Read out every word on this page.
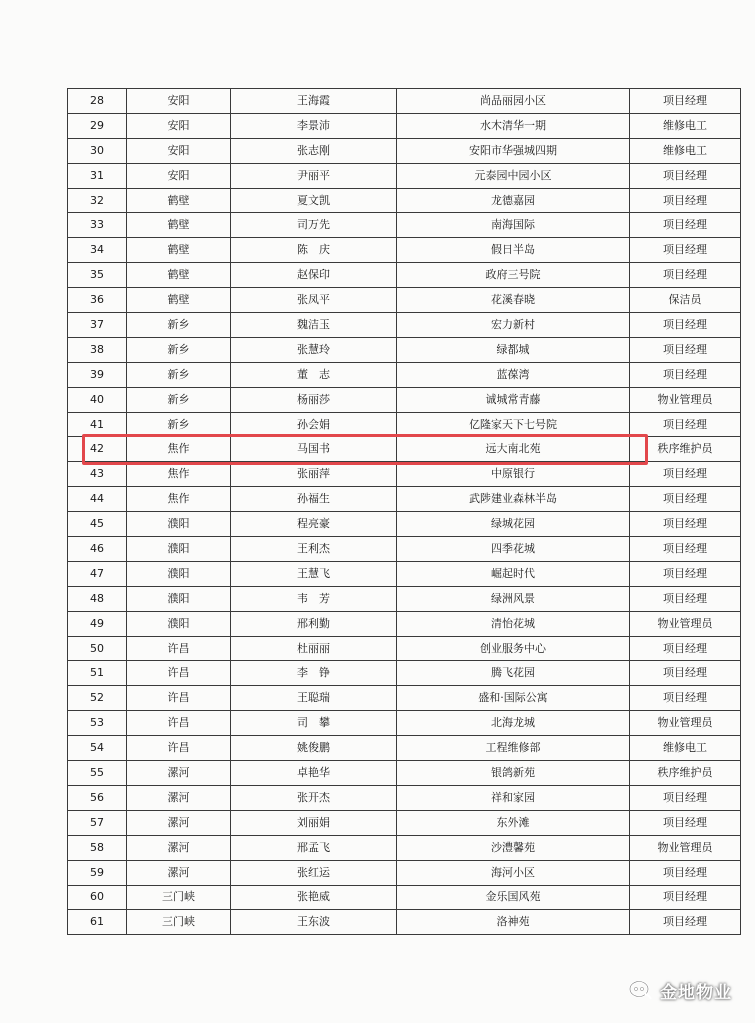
28	安阳	王海霞	尚品丽园小区	项目经理
29	安阳	李景沛	水木清华一期	维修电工
30	安阳	张志刚	安阳市华强城四期	维修电工
31	安阳	尹丽平	元泰园中园小区	项目经理
32	鹤壁	夏文凯	龙德嘉园	项目经理
33	鹤壁	司万先	南海国际	项目经理
34	鹤壁	陈　庆	假日半岛	项目经理
35	鹤壁	赵保印	政府三号院	项目经理
36	鹤壁	张凤平	花溪春晓	保洁员
37	新乡	魏洁玉	宏力新村	项目经理
38	新乡	张慧玲	绿都城	项目经理
39	新乡	董　志	蓝葆湾	项目经理
40	新乡	杨丽莎	诚城常青藤	物业管理员
41	新乡	孙会娟	亿隆家天下七号院	项目经理
42	焦作	马国书	远大南北苑	秩序维护员
43	焦作	张丽萍	中原银行	项目经理
44	焦作	孙福生	武陟建业森林半岛	项目经理
45	濮阳	程亮豪	绿城花园	项目经理
46	濮阳	王利杰	四季花城	项目经理
47	濮阳	王慧飞	崛起时代	项目经理
48	濮阳	韦　芳	绿洲风景	项目经理
49	濮阳	邢利勤	清怡花城	物业管理员
50	许昌	杜丽丽	创业服务中心	项目经理
51	许昌	李　铮	腾飞花园	项目经理
52	许昌	王聪瑞	盛和·国际公寓	项目经理
53	许昌	司　攀	北海龙城	物业管理员
54	许昌	姚俊鹏	工程维修部	维修电工
55	漯河	卓艳华	银鸽新苑	秩序维护员
56	漯河	张开杰	祥和家园	项目经理
57	漯河	刘丽娟	东外滩	项目经理
58	漯河	邢孟飞	沙澧馨苑	物业管理员
59	漯河	张红运	海河小区	项目经理
60	三门峡	张艳威	金乐国风苑	项目经理
61	三门峡	王东波	洛神苑	项目经理
金地物业
